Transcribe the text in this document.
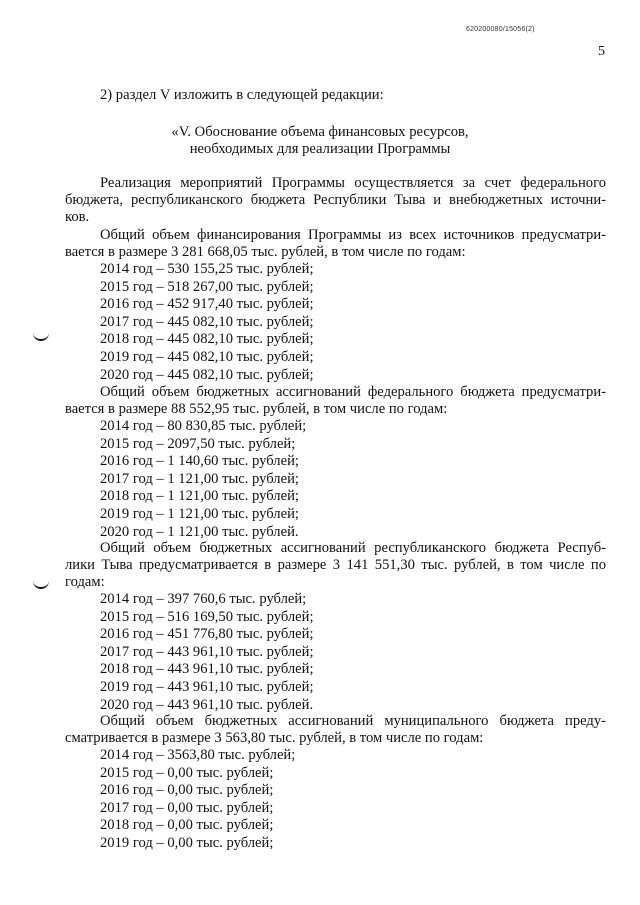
620200080/15056(2)
5
2) раздел V изложить в следующей редакции:
«V. Обоснование объема финансовых ресурсов,
необходимых для реализации Программы
Реализация мероприятий Программы осуществляется за счет федерального
бюджета, республиканского бюджета Республики Тыва и внебюджетных источни-
ков.
Общий объем финансирования Программы из всех источников предусматри-
вается в размере 3 281 668,05 тыс. рублей, в том числе по годам:
2014 год – 530 155,25 тыс. рублей;
2015 год – 518 267,00 тыс. рублей;
2016 год – 452 917,40 тыс. рублей;
2017 год – 445 082,10 тыс. рублей;
2018 год – 445 082,10 тыс. рублей;
2019 год – 445 082,10 тыс. рублей;
2020 год – 445 082,10 тыс. рублей;
Общий объем бюджетных ассигнований федерального бюджета предусматри-
вается в размере 88 552,95 тыс. рублей, в том числе по годам:
2014 год – 80 830,85 тыс. рублей;
2015 год – 2097,50 тыс. рублей;
2016 год – 1 140,60 тыс. рублей;
2017 год – 1 121,00 тыс. рублей;
2018 год – 1 121,00 тыс. рублей;
2019 год – 1 121,00 тыс. рублей;
2020 год – 1 121,00 тыс. рублей.
Общий объем бюджетных ассигнований республиканского бюджета Респуб-
лики Тыва предусматривается в размере 3 141 551,30 тыс. рублей, в том числе по
годам:
2014 год – 397 760,6 тыс. рублей;
2015 год – 516 169,50 тыс. рублей;
2016 год – 451 776,80 тыс. рублей;
2017 год – 443 961,10 тыс. рублей;
2018 год – 443 961,10 тыс. рублей;
2019 год – 443 961,10 тыс. рублей;
2020 год – 443 961,10 тыс. рублей.
Общий объем бюджетных ассигнований муниципального бюджета преду-
сматривается в размере 3 563,80 тыс. рублей, в том числе по годам:
2014 год – 3563,80 тыс. рублей;
2015 год – 0,00 тыс. рублей;
2016 год – 0,00 тыс. рублей;
2017 год – 0,00 тыс. рублей;
2018 год – 0,00 тыс. рублей;
2019 год – 0,00 тыс. рублей;
